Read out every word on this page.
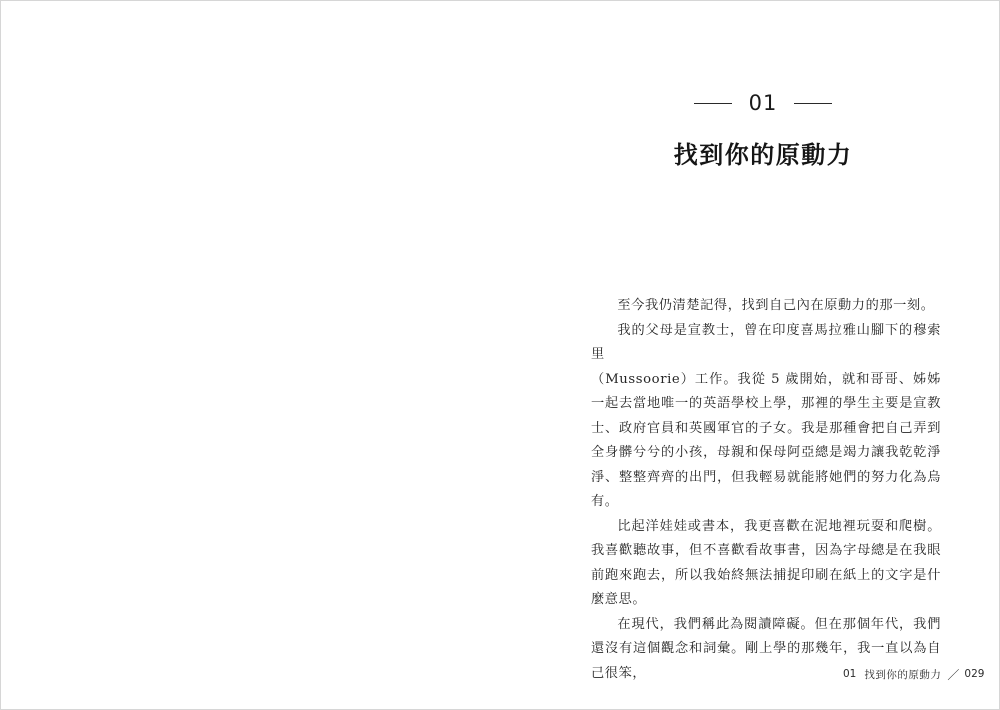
01
找到你的原動力

至今我仍清楚記得，找到自己內在原動力的那一刻。

我的父母是宣教士，曾在印度喜馬拉雅山腳下的穆索里

（Mussoorie）工作。我從 5 歲開始，就和哥哥、姊姊一起去當地唯一的英語學校上學，那裡的學生主要是宣教士、政府官員和英國軍官的子女。我是那種會把自己弄到全身髒兮兮的小孩，母親和保母阿亞總是竭力讓我乾乾淨淨、整整齊齊的出門，但我輕易就能將她們的努力化為烏有。

比起洋娃娃或書本，我更喜歡在泥地裡玩耍和爬樹。我喜歡聽故事，但不喜歡看故事書，因為字母總是在我眼前跑來跑去，所以我始終無法捕捉印刷在紙上的文字是什麼意思。

在現代，我們稱此為閱讀障礙。但在那個年代，我們還沒有這個觀念和詞彙。剛上學的那幾年，我一直以為自己很笨，	01 找到你的原動力 ／ 029
